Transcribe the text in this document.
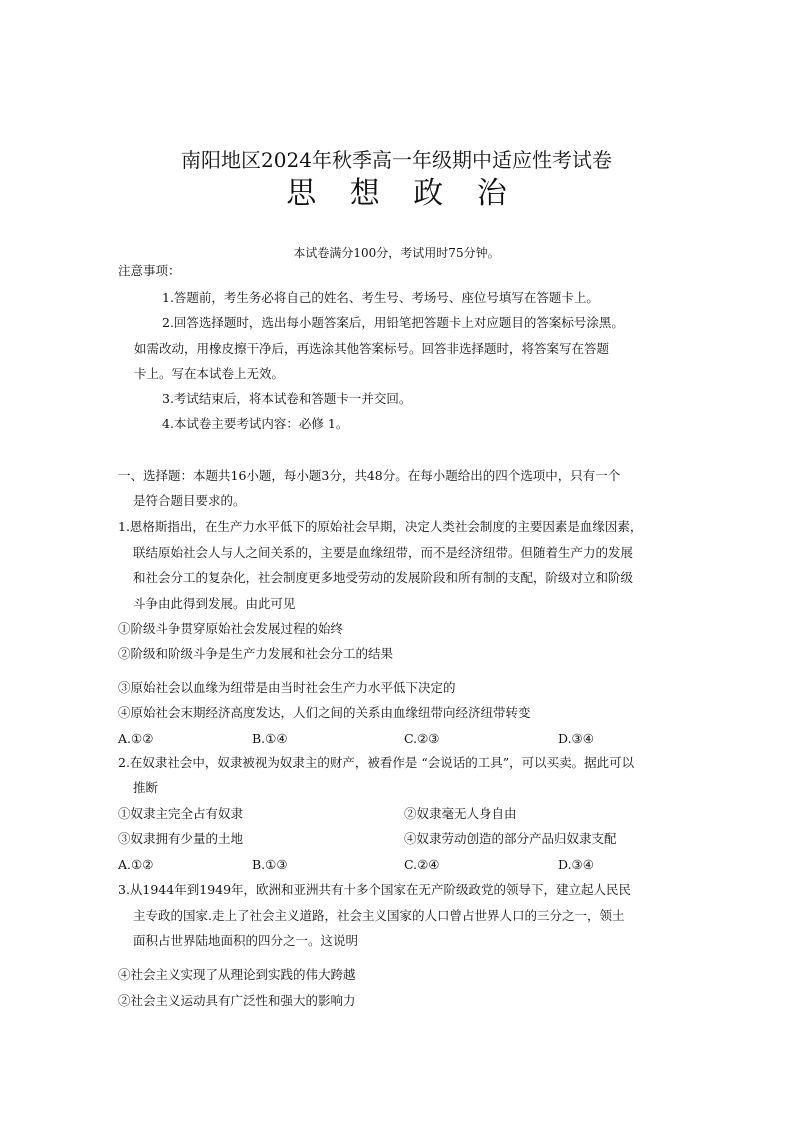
南阳地区2024年秋季高一年级期中适应性考试卷
思 想 政 治
本试卷满分100分，考试用时75分钟。
注意事项：
1.答题前，考生务必将自己的姓名、考生号、考场号、座位号填写在答题卡上。
2.回答选择题时，选出每小题答案后，用铅笔把答题卡上对应题目的答案标号涂黑。
如需改动，用橡皮擦干净后，再选涂其他答案标号。回答非选择题时，将答案写在答题
卡上。写在本试卷上无效。
3.考试结束后，将本试卷和答题卡一并交回。
4.本试卷主要考试内容：必修 1。
一、选择题：本题共16小题，每小题3分，共48分。在每小题给出的四个选项中，只有一个
是符合题目要求的。
1.恩格斯指出，在生产力水平低下的原始社会早期，决定人类社会制度的主要因素是血缘因素，
联结原始社会人与人之间关系的，主要是血缘纽带，而不是经济纽带。但随着生产力的发展
和社会分工的复杂化，社会制度更多地受劳动的发展阶段和所有制的支配，阶级对立和阶级
斗争由此得到发展。由此可见
①阶级斗争贯穿原始社会发展过程的始终
②阶级和阶级斗争是生产力发展和社会分工的结果
③原始社会以血缘为纽带是由当时社会生产力水平低下决定的
④原始社会末期经济高度发达，人们之间的关系由血缘纽带向经济纽带转变
A.①②	B.①④	C.②③	D.③④
2.在奴隶社会中，奴隶被视为奴隶主的财产，被看作是 “会说话的工具”，可以买卖。据此可以
推断
①奴隶主完全占有奴隶	②奴隶毫无人身自由
③奴隶拥有少量的土地	④奴隶劳动创造的部分产品归奴隶支配
A.①②	B.①③	C.②④	D.③④
3.从1944年到1949年，欧洲和亚洲共有十多个国家在无产阶级政党的领导下，建立起人民民
主专政的国家.走上了社会主义道路，社会主义国家的人口曾占世界人口的三分之一，领土
面积占世界陆地面积的四分之一。这说明
④社会主义实现了从理论到实践的伟大跨越
②社会主义运动具有广泛性和强大的影响力
